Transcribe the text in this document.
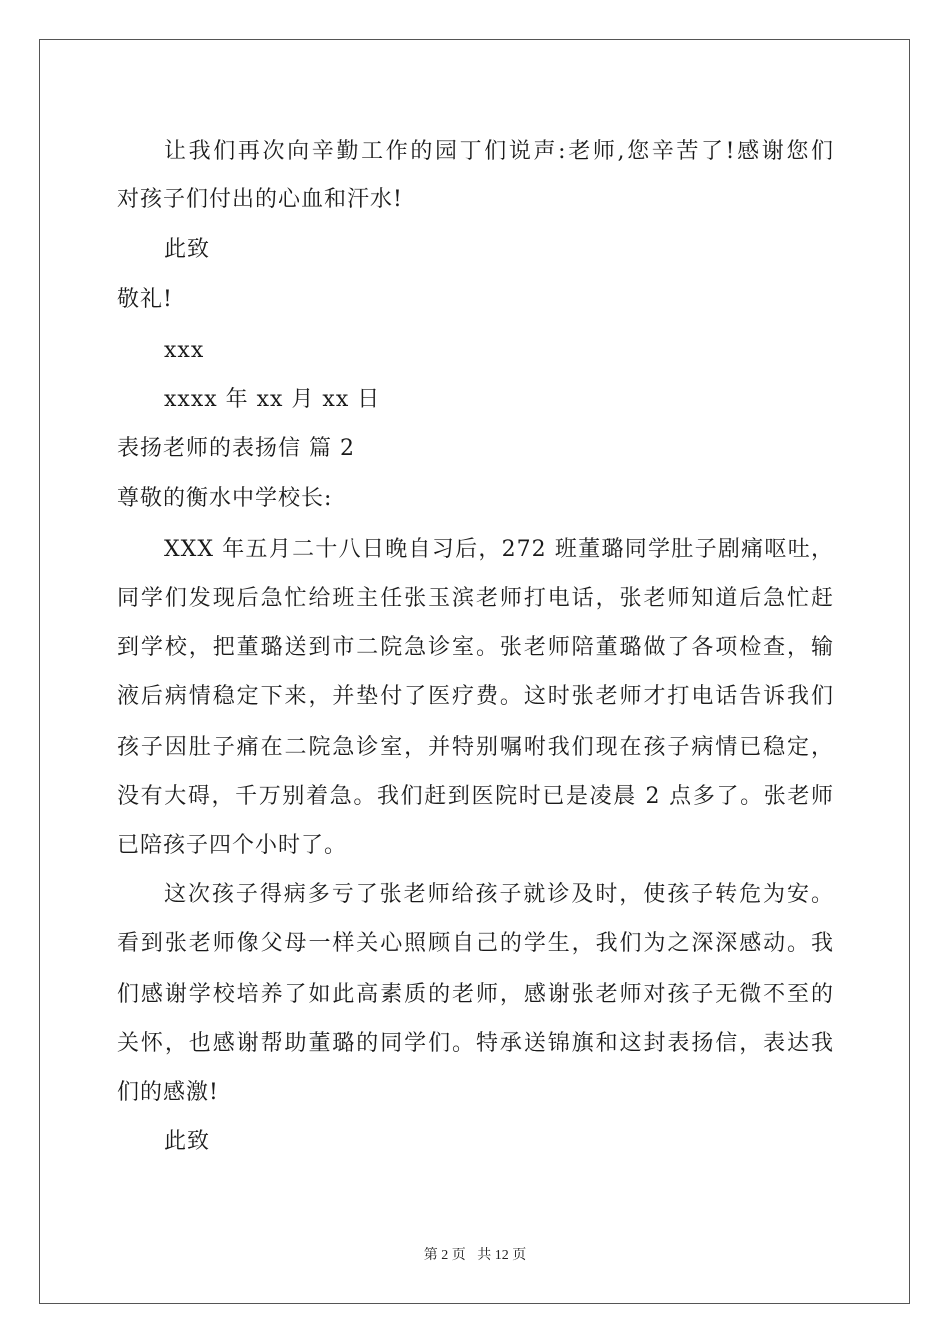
让我们再次向辛勤工作的园丁们说声:老师,您辛苦了!感谢您们
对孩子们付出的心血和汗水!
此致
敬礼!
xxx
xxxx 年 xx 月 xx 日
表扬老师的表扬信 篇 2
尊敬的衡水中学校长:
XXX 年五月二十八日晚自习后，272 班董璐同学肚子剧痛呕吐，
同学们发现后急忙给班主任张玉滨老师打电话，张老师知道后急忙赶
到学校，把董璐送到市二院急诊室。张老师陪董璐做了各项检查，输
液后病情稳定下来，并垫付了医疗费。这时张老师才打电话告诉我们
孩子因肚子痛在二院急诊室，并特别嘱咐我们现在孩子病情已稳定，
没有大碍，千万别着急。我们赶到医院时已是凌晨 2 点多了。张老师
已陪孩子四个小时了。
这次孩子得病多亏了张老师给孩子就诊及时，使孩子转危为安。
看到张老师像父母一样关心照顾自己的学生，我们为之深深感动。我
们感谢学校培养了如此高素质的老师，感谢张老师对孩子无微不至的
关怀，也感谢帮助董璐的同学们。特承送锦旗和这封表扬信，表达我
们的感激!
此致
第 2 页 共 12 页
